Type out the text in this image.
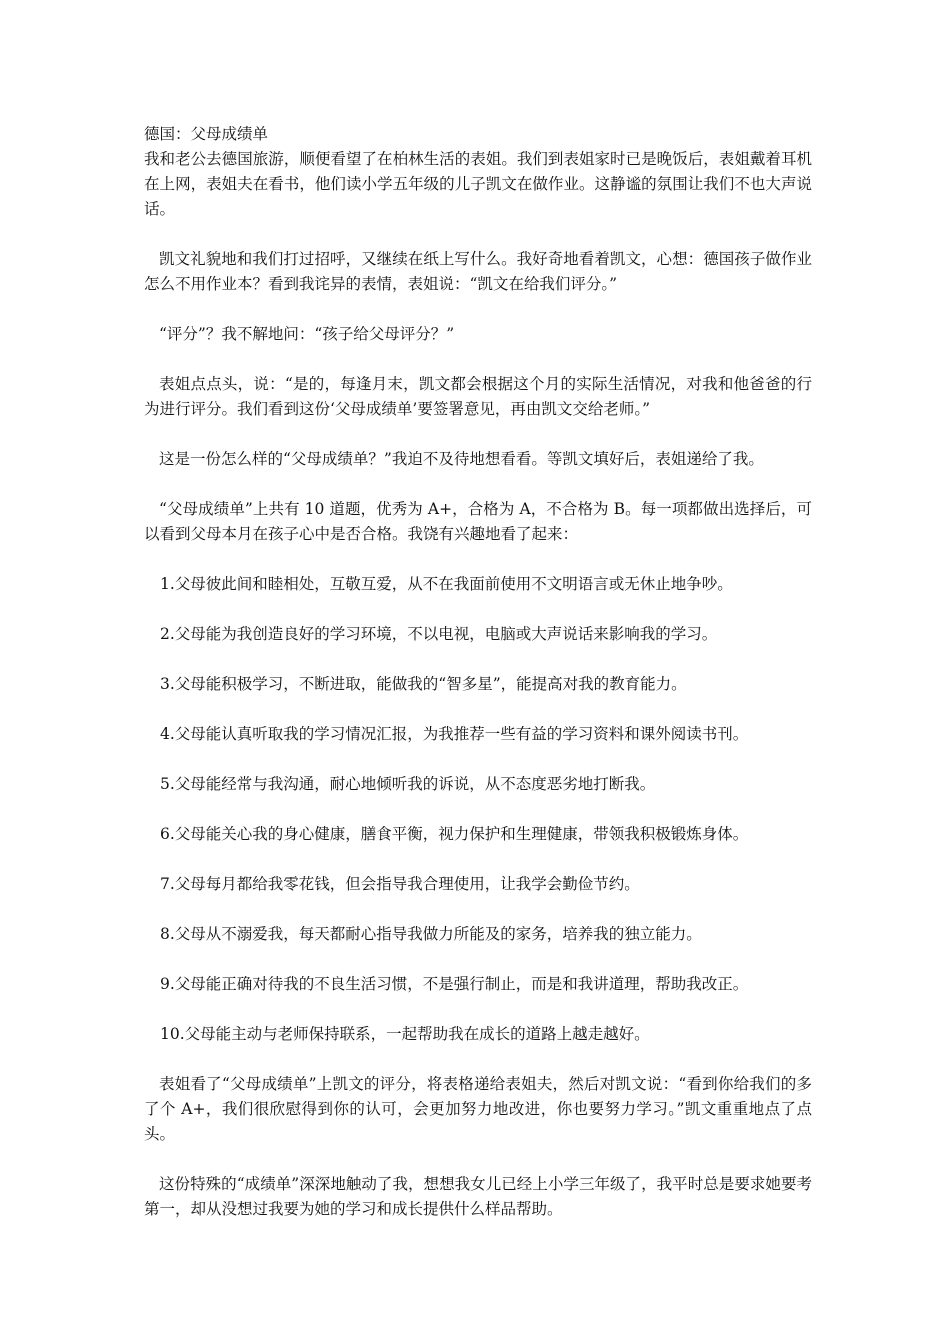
德国：父母成绩单

我和老公去德国旅游，顺便看望了在柏林生活的表姐。我们到表姐家时已是晚饭后，表姐戴着耳机在上网，表姐夫在看书，他们读小学五年级的儿子凯文在做作业。这静谧的氛围让我们不也大声说话。

凯文礼貌地和我们打过招呼，又继续在纸上写什么。我好奇地看着凯文，心想：德国孩子做作业怎么不用作业本？看到我诧异的表情，表姐说：“凯文在给我们评分。”

“评分”？我不解地问：“孩子给父母评分？”

表姐点点头，说：“是的，每逢月末，凯文都会根据这个月的实际生活情况，对我和他爸爸的行为进行评分。我们看到这份‘父母成绩单’要签署意见，再由凯文交给老师。”

这是一份怎么样的“父母成绩单？”我迫不及待地想看看。等凯文填好后，表姐递给了我。

“父母成绩单”上共有 10 道题，优秀为 A+，合格为 A，不合格为 B。每一项都做出选择后，可以看到父母本月在孩子心中是否合格。我饶有兴趣地看了起来：

1.父母彼此间和睦相处，互敬互爱，从不在我面前使用不文明语言或无休止地争吵。

2.父母能为我创造良好的学习环境，不以电视，电脑或大声说话来影响我的学习。

3.父母能积极学习，不断进取，能做我的“智多星”，能提高对我的教育能力。

4.父母能认真听取我的学习情况汇报，为我推荐一些有益的学习资料和课外阅读书刊。

5.父母能经常与我沟通，耐心地倾听我的诉说，从不态度恶劣地打断我。

6.父母能关心我的身心健康，膳食平衡，视力保护和生理健康，带领我积极锻炼身体。

7.父母每月都给我零花钱，但会指导我合理使用，让我学会勤俭节约。

8.父母从不溺爱我，每天都耐心指导我做力所能及的家务，培养我的独立能力。

9.父母能正确对待我的不良生活习惯，不是强行制止，而是和我讲道理，帮助我改正。

10.父母能主动与老师保持联系，一起帮助我在成长的道路上越走越好。

表姐看了“父母成绩单”上凯文的评分，将表格递给表姐夫，然后对凯文说：“看到你给我们的多了个 A+，我们很欣慰得到你的认可，会更加努力地改进，你也要努力学习。”凯文重重地点了点头。

这份特殊的“成绩单”深深地触动了我，想想我女儿已经上小学三年级了，我平时总是要求她要考第一，却从没想过我要为她的学习和成长提供什么样品帮助。
